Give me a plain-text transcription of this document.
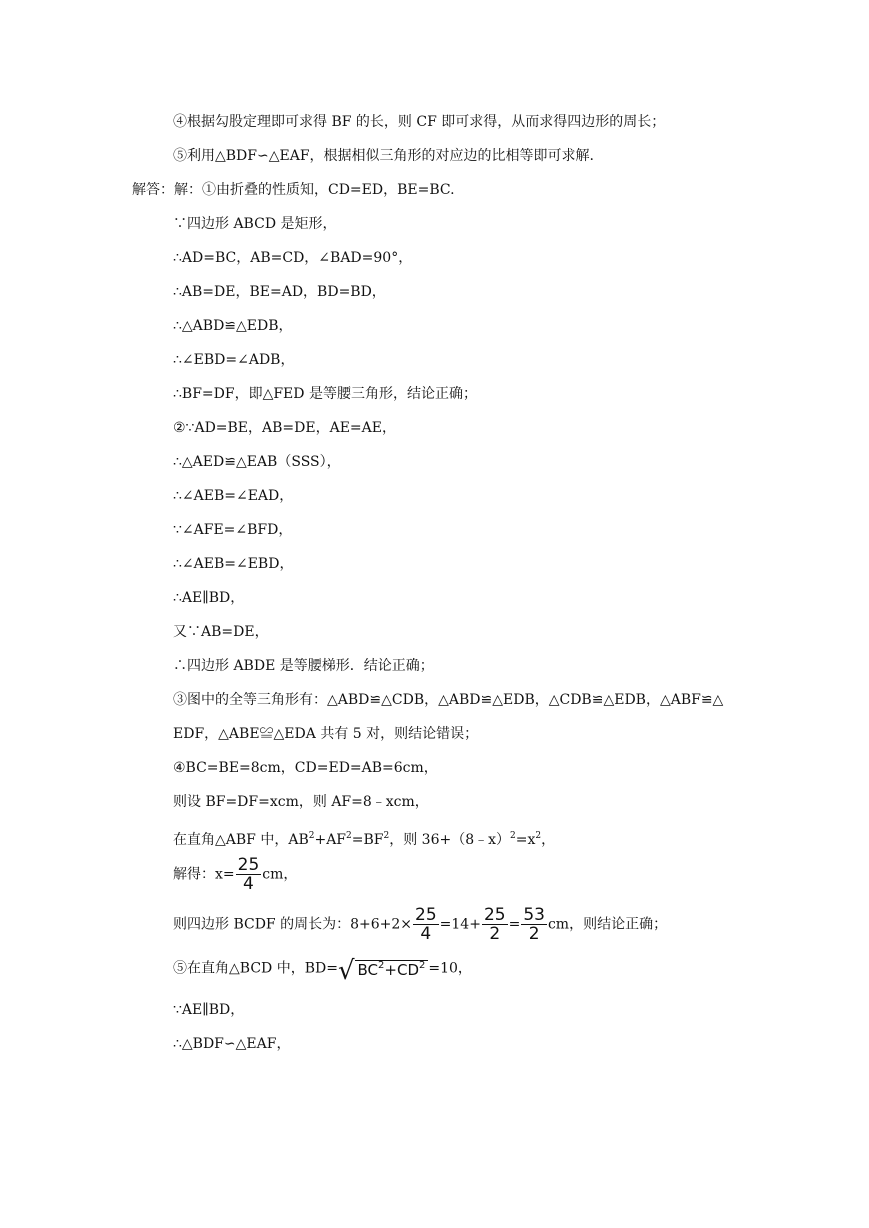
④根据勾股定理即可求得 BF 的长，则 CF 即可求得，从而求得四边形的周长；
⑤利用△BDF∽△EAF，根据相似三角形的对应边的比相等即可求解.
解答：解：①由折叠的性质知，CD=ED，BE=BC.
∵四边形 ABCD 是矩形，
∴AD=BC，AB=CD，∠BAD=90°，
∴AB=DE，BE=AD，BD=BD，
∴△ABD≌△EDB，
∴∠EBD=∠ADB，
∴BF=DF，即△FED 是等腰三角形，结论正确；
②∵AD=BE，AB=DE，AE=AE，
∴△AED≌△EAB（SSS），
∴∠AEB=∠EAD，
∵∠AFE=∠BFD，
∴∠AEB=∠EBD，
∴AE∥BD，
又∵AB=DE，
∴四边形 ABDE 是等腰梯形．结论正确；
③图中的全等三角形有：△ABD≌△CDB，△ABD≌△EDB，△CDB≌△EDB，△ABF≌△
EDF，△ABE≌△EDA 共有 5 对，则结论错误；
④BC=BE=8cm，CD=ED=AB=6cm，
则设 BF=DF=xcm，则 AF=8﹣xcm，
在直角△ABF 中，$AB^2+AF^2=BF^2$，则 $36+(8﹣x)^2=x^2$，
解得：$x= \frac{25}{4}$ cm，
则四边形 BCDF 的周长为：$8+6+2\times \frac{25}{4} =14+ \frac{25}{2} = \frac{53}{2}$ cm，则结论正确；
⑤在直角△BCD 中，BD=√ $BC^2+CD^2 =10$，
∵AE∥BD，
∴△BDF∽△EAF，
